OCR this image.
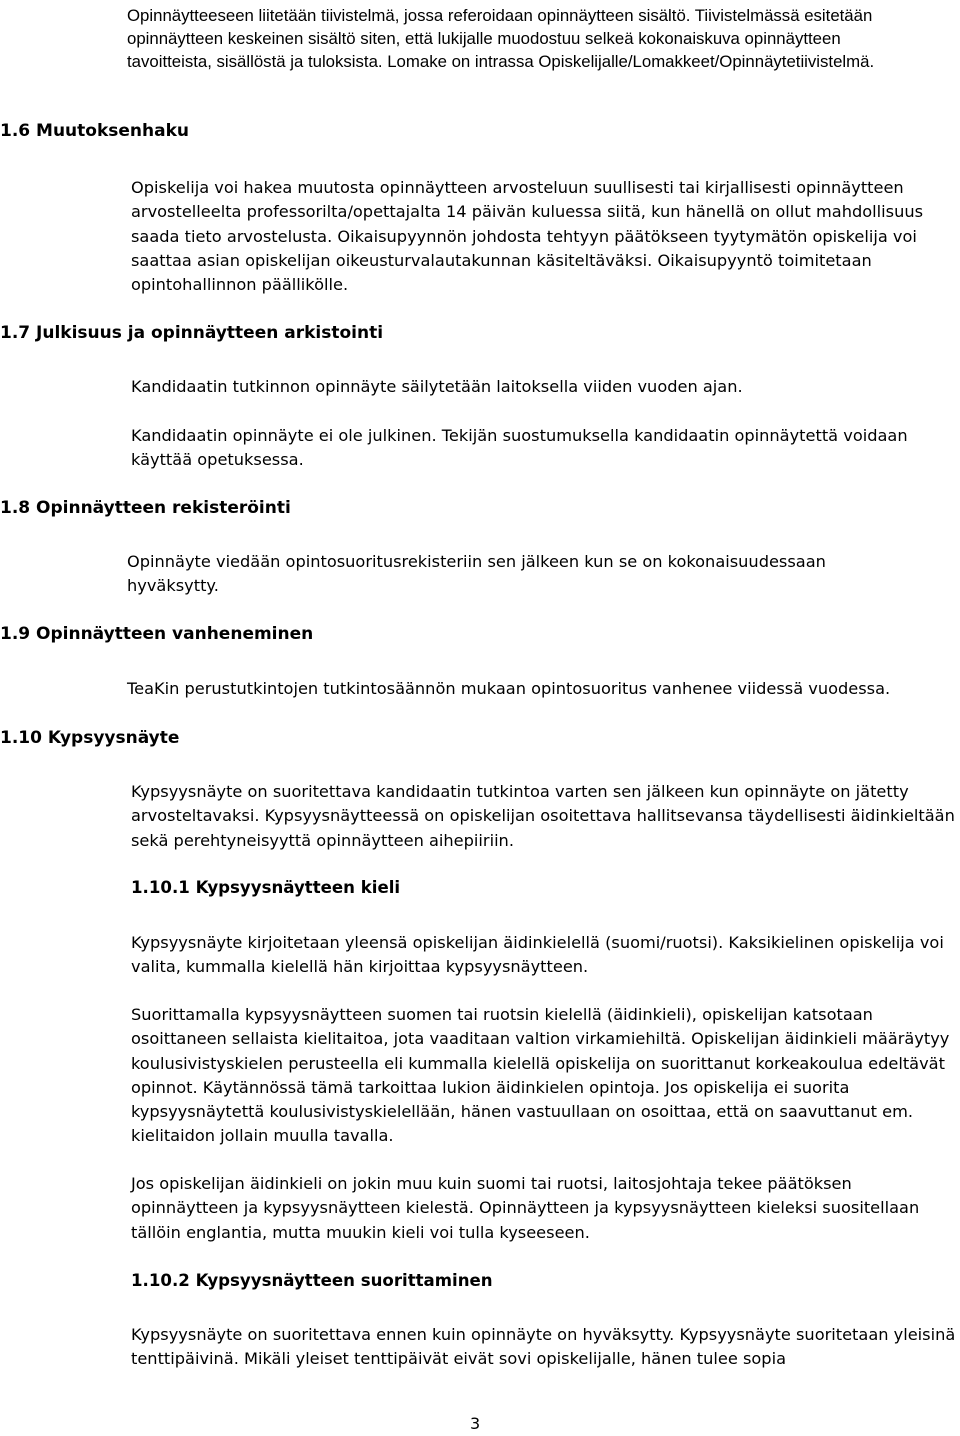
Opinnäytteeseen liitetään tiivistelmä, jossa referoidaan opinnäytteen sisältö. Tiivistelmässä esitetään opinnäytteen keskeinen sisältö siten, että lukijalle muodostuu selkeä kokonaiskuva opinnäytteen tavoitteista, sisällöstä ja tuloksista. Lomake on intrassa Opiskelijalle/Lomakkeet/Opinnäytetiivistelmä.

1.6 Muutoksenhaku

Opiskelija voi hakea muutosta opinnäytteen arvosteluun suullisesti tai kirjallisesti opinnäytteen arvostelleelta professorilta/opettajalta 14 päivän kuluessa siitä, kun hänellä on ollut mahdollisuus saada tieto arvostelusta. Oikaisupyynnön johdosta tehtyyn päätökseen tyytymätön opiskelija voi saattaa asian opiskelijan oikeusturvalautakunnan käsiteltäväksi. Oikaisupyyntö toimitetaan opintohallinnon päällikölle.

1.7 Julkisuus ja opinnäytteen arkistointi

Kandidaatin tutkinnon opinnäyte säilytetään laitoksella viiden vuoden ajan.

Kandidaatin opinnäyte ei ole julkinen. Tekijän suostumuksella kandidaatin opinnäytettä voidaan käyttää opetuksessa.

1.8 Opinnäytteen rekisteröinti

Opinnäyte viedään opintosuoritusrekisteriin sen jälkeen kun se on kokonaisuudessaan hyväksytty.

1.9 Opinnäytteen vanheneminen

TeaKin perustutkintojen tutkintosäännön mukaan opintosuoritus vanhenee viidessä vuodessa.

1.10 Kypsyysnäyte

Kypsyysnäyte on suoritettava kandidaatin tutkintoa varten sen jälkeen kun opinnäyte on jätetty arvosteltavaksi. Kypsyysnäytteessä on opiskelijan osoitettava hallitsevansa täydellisesti äidinkieltään sekä perehtyneisyyttä opinnäytteen aihepiiriin.

1.10.1 Kypsyysnäytteen kieli

Kypsyysnäyte kirjoitetaan yleensä opiskelijan äidinkielellä (suomi/ruotsi). Kaksikielinen opiskelija voi valita, kummalla kielellä hän kirjoittaa kypsyysnäytteen.

Suorittamalla kypsyysnäytteen suomen tai ruotsin kielellä (äidinkieli), opiskelijan katsotaan osoittaneen sellaista kielitaitoa, jota vaaditaan valtion virkamiehiltä. Opiskelijan äidinkieli määräytyy koulusivistyskielen perusteella eli kummalla kielellä opiskelija on suorittanut korkeakoulua edeltävät opinnot. Käytännössä tämä tarkoittaa lukion äidinkielen opintoja. Jos opiskelija ei suorita kypsyysnäytettä koulusivistyskielellään, hänen vastuullaan on osoittaa, että on saavuttanut em. kielitaidon jollain muulla tavalla.

Jos opiskelijan äidinkieli on jokin muu kuin suomi tai ruotsi, laitosjohtaja tekee päätöksen opinnäytteen ja kypsyysnäytteen kielestä. Opinnäytteen ja kypsyysnäytteen kieleksi suositellaan tällöin englantia, mutta muukin kieli voi tulla kyseeseen.

1.10.2 Kypsyysnäytteen suorittaminen

Kypsyysnäyte on suoritettava ennen kuin opinnäyte on hyväksytty. Kypsyysnäyte suoritetaan yleisinä tenttipäivinä. Mikäli yleiset tenttipäivät eivät sovi opiskelijalle, hänen tulee sopia

3
